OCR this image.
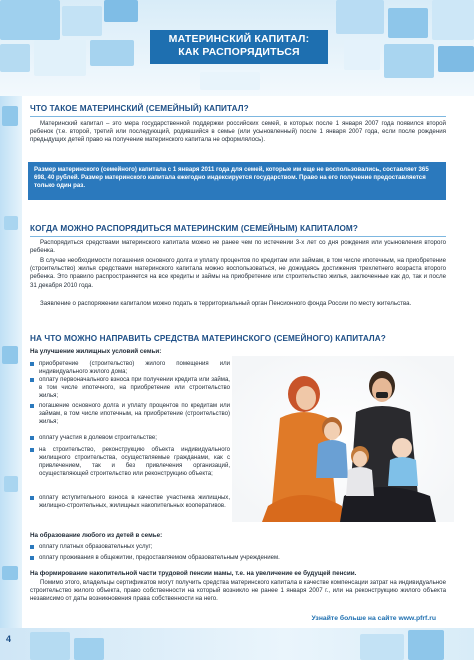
МАТЕРИНСКИЙ КАПИТАЛ:
КАК РАСПОРЯДИТЬСЯ
ЧТО ТАКОЕ МАТЕРИНСКИЙ (СЕМЕЙНЫЙ) КАПИТАЛ?
Материнский капитал – это мера государственной поддержки российских семей, в которых после 1 января 2007 года появился второй ребенок (т.е. второй, третий или последующий, родившийся в семье (или усыновленный) после 1 января 2007 года, если после рождения предыдущих детей право на получение материнского капитала не оформлялось).
Размер материнского (семейного) капитала с 1 января 2011 года для семей, которые им еще не воспользовались, составляет 365 698, 40 рублей. Размер материнского капитала ежегодно индексируется государством. Право на его получение предоставляется только один раз.
КОГДА МОЖНО РАСПОРЯДИТЬСЯ МАТЕРИНСКИМ (СЕМЕЙНЫМ) КАПИТАЛОМ?
Распорядиться средствами материнского капитала можно не ранее чем по истечении 3-х лет со дня рождения или усыновления второго ребенка.
В случае необходимости погашения основного долга и уплату процентов по кредитам или займам, в том числе ипотечным, на приобретение (строительство) жилья средствами материнского капитала можно воспользоваться, не дожидаясь достижения трехлетнего возраста второго ребенка. Это правило распространяется на все кредиты и займы на приобретение или строительство жилья, заключенные как до, так и после 31 декабря 2010 года.
Заявление о распоряжении капиталом можно подать в территориальный орган Пенсионного фонда России по месту жительства.
НА ЧТО МОЖНО НАПРАВИТЬ СРЕДСТВА МАТЕРИНСКОГО (СЕМЕЙНОГО) КАПИТАЛА?
На улучшение жилищных условий семьи:
приобретение (строительство) жилого помещения или индивидуального жилого дома;
оплату первоначального взноса при получении кредита или займа, в том числе ипотечного, на приобретение или строительство жилья;
погашение основного долга и уплату процентов по кредитам или займам, в том числе ипотечным, на приобретение (строительство) жилья;
оплату участия в долевом строительстве;
на строительство, реконструкцию объекта индивидуального жилищного строительства, осуществляемые гражданами, как с привлечением, так и без привлечения организаций, осуществляющей строительство или реконструкцию объекта;
оплату вступительного взноса в качестве участника жилищных, жилищно-строительных, жилищных накопительных кооперативов.
На образование любого из детей в семье:
оплату платных образовательных услуг;
оплату проживания в общежитии, предоставляемом образовательным учреждением.
На формирование накопительной части трудовой пенсии мамы, т.е. на увеличение ее будущей пенсии.
Помимо этого, владельцы сертификатов могут получить средства материнского капитала в качестве компенсации затрат на индивидуальное строительство жилого объекта, право собственности на который возникло не ранее 1 января 2007 г., или на реконструкцию жилого объекта независимо от даты возникновения права собственности на него.
Узнайте больше на сайте www.pfrf.ru
4
